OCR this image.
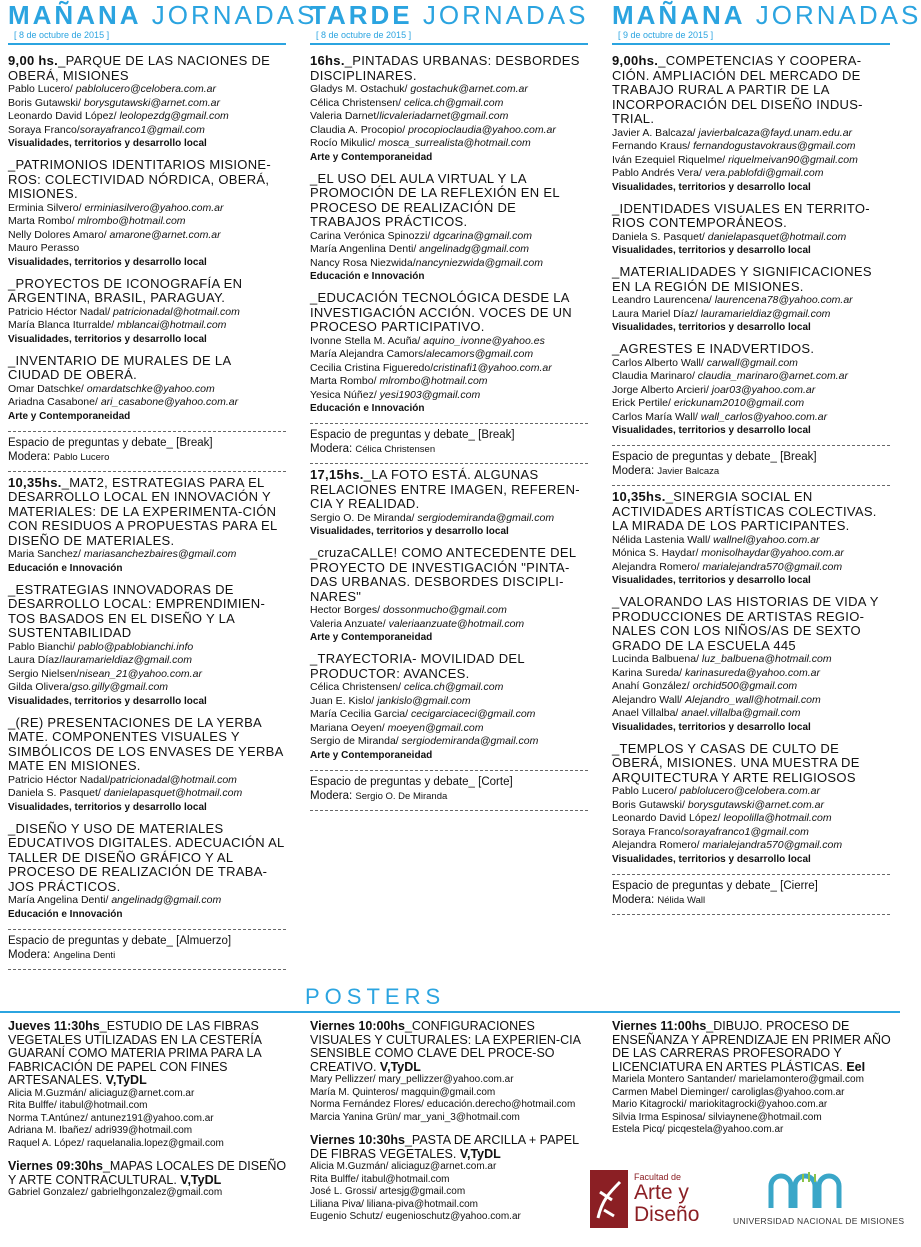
MAÑANA JORNADAS
[ 8 de octubre de 2015 ]
9,00 hs._PARQUE DE LAS NACIONES DE OBERÁ, MISIONES
Pablo Lucero/ pablolucero@celobera.com.ar
Boris Gutawski/ borysgutawski@arnet.com.ar
Leonardo David López/ leolopezdg@gmail.com
Soraya Franco/sorayafranco1@gmail.com
Visualidades, territorios y desarrollo local
_PATRIMONIOS IDENTITARIOS MISIONE-ROS: COLECTIVIDAD NÓRDICA, OBERÁ, MISIONES.
Erminia Silvero/ erminiasilvero@yahoo.com.ar
Marta Rombo/ mlrombo@hotmail.com
Nelly Dolores Amaro/ amarone@arnet.com.ar
Mauro Perasso
Visualidades, territorios y desarrollo local
_PROYECTOS DE ICONOGRAFÍA EN ARGENTINA, BRASIL, PARAGUAY.
Patricio Héctor Nadal/ patricionadal@hotmail.com
María Blanca Iturralde/ mblancai@hotmail.com
Visualidades, territorios y desarrollo local
_INVENTARIO DE MURALES DE LA CIUDAD DE OBERÁ.
Omar Datschke/ omardatschke@yahoo.com
Ariadna Casabone/ ari_casabone@yahoo.com.ar
Arte y Contemporaneidad
Espacio de preguntas y debate_ [Break]
Modera: Pablo Lucero
10,35hs._MAT2, ESTRATEGIAS PARA EL DESARROLLO LOCAL EN INNOVACIÓN Y MATERIALES: DE LA EXPERIMENTA-CIÓN CON RESIDUOS A PROPUESTAS PARA EL DISEÑO DE MATERIALES.
Maria Sanchez/ mariasanchezbaires@gmail.com
Educación e Innovación
_ESTRATEGIAS INNOVADORAS DE DESARROLLO LOCAL: EMPRENDIMIEN-TOS BASADOS EN EL DISEÑO Y LA SUSTENTABILIDAD
Pablo Bianchi/ pablo@pablobianchi.info
Laura Díaz/lauramarieldiaz@gmail.com
Sergio Nielsen/nisean_21@yahoo.com.ar
Gilda Olivera/gso.gilly@gmail.com
Visualidades, territorios y desarrollo local
_(RE) PRESENTACIONES DE LA YERBA MATE. COMPONENTES VISUALES Y SIMBÓLICOS DE LOS ENVASES DE YERBA MATE EN MISIONES.
Patricio Héctor Nadal/patricionadal@hotmail.com
Daniela S. Pasquet/ danielapasquet@hotmail.com
Visualidades, territorios y desarrollo local
_DISEÑO Y USO DE MATERIALES EDUCATIVOS DIGITALES. ADECUACIÓN AL TALLER DE DISEÑO GRÁFICO Y AL PROCESO DE REALIZACIÓN DE TRABA-JOS PRÁCTICOS.
María Angelina Denti/ angelinadg@gmail.com
Educación e Innovación
Espacio de preguntas y debate_ [Almuerzo]
Modera: Angelina Denti
TARDE JORNADAS
[ 8 de octubre de 2015 ]
16hs._PINTADAS URBANAS: DESBORDES DISCIPLINARES.
Gladys M. Ostachuk/ gostachuk@arnet.com.ar
Célica Christensen/ celica.ch@gmail.com
Valeria Darnet/licvaleriadarnet@gmail.com
Claudia A. Procopio/ procopioclaudia@yahoo.com.ar
Rocío Mikulic/ mosca_surrealista@hotmail.com
Arte y Contemporaneidad
_EL USO DEL AULA VIRTUAL Y LA PROMOCIÓN DE LA REFLEXIÓN EN EL PROCESO DE REALIZACIÓN DE TRABAJOS PRÁCTICOS.
Carina Verónica Spinozzi/ dgcarina@gmail.com
María Angenlina Denti/ angelinadg@gmail.com
Nancy Rosa Niezwida/nancyniezwida@gmail.com
Educación e Innovación
_EDUCACIÓN TECNOLÓGICA DESDE LA INVESTIGACIÓN ACCIÓN. VOCES DE UN PROCESO PARTICIPATIVO.
Ivonne Stella M. Acuña/ aquino_ivonne@yahoo.es
María Alejandra Camors/alecamors@gmail.com
Cecilia Cristina Figueredo/cristinafi1@yahoo.com.ar
Marta Rombo/ mlrombo@hotmail.com
Yesica Núñez/ yesi1903@gmail.com
Educación e Innovación
Espacio de preguntas y debate_ [Break]
Modera: Célica Christensen
17,15hs._LA FOTO ESTÁ. ALGUNAS RELACIONES ENTRE IMAGEN, REFEREN-CIA Y REALIDAD.
Sergio O. De Miranda/ sergiodemiranda@gmail.com
Visualidades, territorios y desarrollo local
_cruzaCALLE! COMO ANTECEDENTE DEL PROYECTO DE INVESTIGACIÓN "PINTA-DAS URBANAS. DESBORDES DISCIPLI-NARES"
Hector Borges/ dossonmucho@gmail.com
Valeria Anzuate/ valeriaanzuate@hotmail.com
Arte y Contemporaneidad
_TRAYECTORIA- MOVILIDAD DEL PRODUCTOR: AVANCES.
Célica Christensen/ celica.ch@gmail.com
Juan E. Kislo/ jankislo@gmail.com
María Cecilia Garcia/ cecigarciaceci@gmail.com
Mariana Oeyen/ moeyen@gmail.com
Sergio de Miranda/ sergiodemiranda@gmail.com
Arte y Contemporaneidad
Espacio de preguntas y debate_ [Corte]
Modera: Sergio O. De Miranda
MAÑANA JORNADAS
[ 9 de octubre de 2015 ]
9,00hs._COMPETENCIAS Y COOPERA-CIÓN. AMPLIACIÓN DEL MERCADO DE TRABAJO RURAL A PARTIR DE LA INCORPORACIÓN DEL DISEÑO INDUS-TRIAL.
Javier A. Balcaza/ javierbalcaza@fayd.unam.edu.ar
Fernando Kraus/ fernandogustavokraus@gmail.com
Iván Ezequiel Riquelme/ riquelmeivan90@gmail.com
Pablo Andrés Vera/ vera.pablofdi@gmail.com
Visualidades, territorios y desarrollo local
_IDENTIDADES VISUALES EN TERRITO-RIOS CONTEMPORÁNEOS.
Daniela S. Pasquet/ danielapasquet@hotmail.com
Visualidades, territorios y desarrollo local
_MATERIALIDADES Y SIGNIFICACIONES EN LA REGIÓN DE MISIONES.
Leandro Laurencena/ laurencena78@yahoo.com.ar
Laura Mariel Díaz/ lauramarieldiaz@gmail.com
Visualidades, territorios y desarrollo local
_AGRESTES E INADVERTIDOS.
Carlos Alberto Wall/ carwall@gmail.com
Claudia Marinaro/ claudia_marinaro@arnet.com.ar
Jorge Alberto Arcieri/ joar03@yahoo.com.ar
Erick Pertile/ erickunam2010@gmail.com
Carlos María Wall/ wall_carlos@yahoo.com.ar
Visualidades, territorios y desarrollo local
Espacio de preguntas y debate_ [Break]
Modera: Javier Balcaza
10,35hs._SINERGIA SOCIAL EN ACTIVIDADES ARTÍSTICAS COLECTIVAS. LA MIRADA DE LOS PARTICIPANTES.
Nélida Lastenia Wall/ wallnel@yahoo.com.ar
Mónica S. Haydar/ monisolhaydar@yahoo.com.ar
Alejandra Romero/ marialejandra570@gmail.com
Visualidades, territorios y desarrollo local
_VALORANDO LAS HISTORIAS DE VIDA Y PRODUCCIONES DE ARTISTAS REGIO-NALES CON LOS NIÑOS/AS DE SEXTO GRADO DE LA ESCUELA 445
Lucinda Balbuena/ luz_balbuena@hotmail.com
Karina Sureda/ karinasureda@yahoo.com.ar
Anahí González/ orchid500@gmail.com
Alejandro Wall/ Alejandro_wall@hotmail.com
Anael Villalba/ anael.villalba@gmail.com
Visualidades, territorios y desarrollo local
_TEMPLOS Y CASAS DE CULTO DE OBERÁ, MISIONES. UNA MUESTRA DE ARQUITECTURA Y ARTE RELIGIOSOS
Pablo Lucero/ pablolucero@celobera.com.ar
Boris Gutawski/ borysgutawski@arnet.com.ar
Leonardo David López/ leopolilla@hotmail.com
Soraya Franco/sorayafranco1@gmail.com
Alejandra Romero/ marialejandra570@gmail.com
Visualidades, territorios y desarrollo local
Espacio de preguntas y debate_ [Cierre]
Modera: Nélida Wall
POSTERS
Jueves 11:30hs_ESTUDIO DE LAS FIBRAS VEGETALES UTILIZADAS EN LA CESTERÍA GUARANÍ COMO MATERIA PRIMA PARA LA FABRICACIÓN DE PAPEL CON FINES ARTESANALES. V,TyDL
Alicia M.Guzmán/ aliciaguz@arnet.com.ar
Rita Bulffe/ itabul@hotmail.com
Norma T.Antúnez/ antunez191@yahoo.com.ar
Adriana M. Ibañez/ adri939@hotmail.com
Raquel A. López/ raquelanalia.lopez@gmail.com
Viernes 09:30hs_MAPAS LOCALES DE DISEÑO Y ARTE CONTRACULTURAL. V,TyDL
Gabriel Gonzalez/ gabrielhgonzalez@gmail.com
Viernes 10:00hs_CONFIGURACIONES VISUALES Y CULTURALES: LA EXPERIEN-CIA SENSIBLE COMO CLAVE DEL PROCE-SO CREATIVO. V,TyDL
Mary Pellizzer/ mary_pellizzer@yahoo.com.ar
María M. Quinteros/ magquin@gmail.com
Norma Fernández Flores/ educación.derecho@hotmail.com
Marcia Yanina Grün/ mar_yani_3@hotmail.com
Viernes 10:30hs_PASTA DE ARCILLA + PAPEL DE FIBRAS VEGETALES. V,TyDL
Alicia M.Guzmán/ aliciaguz@arnet.com.ar
Rita Bulffe/ itabul@hotmail.com
José L. Grossi/ artesjg@gmail.com
Liliana Piva/ liliana-piva@hotmail.com
Eugenio Schutz/ eugenioschutz@yahoo.com.ar
Viernes 11:00hs_DIBUJO. PROCESO DE ENSEÑANZA Y APRENDIZAJE EN PRIMER AÑO DE LAS CARRERAS PROFESORADO Y LICENCIATURA EN ARTES PLÁSTICAS. EeI
Mariela Montero Santander/ marielamontero@gmail.com
Carmen Mabel Dieminger/ caroliglas@yahoo.com.ar
Mario Kitagrocki/ mariokitagrocki@yahoo.com.ar
Silvia Irma Espinosa/ silviaynene@hotmail.com
Estela Picq/ picqestela@yahoo.com.ar
Facultad de
Arte y
Diseño	UNIVERSIDAD NACIONAL DE MISIONES
